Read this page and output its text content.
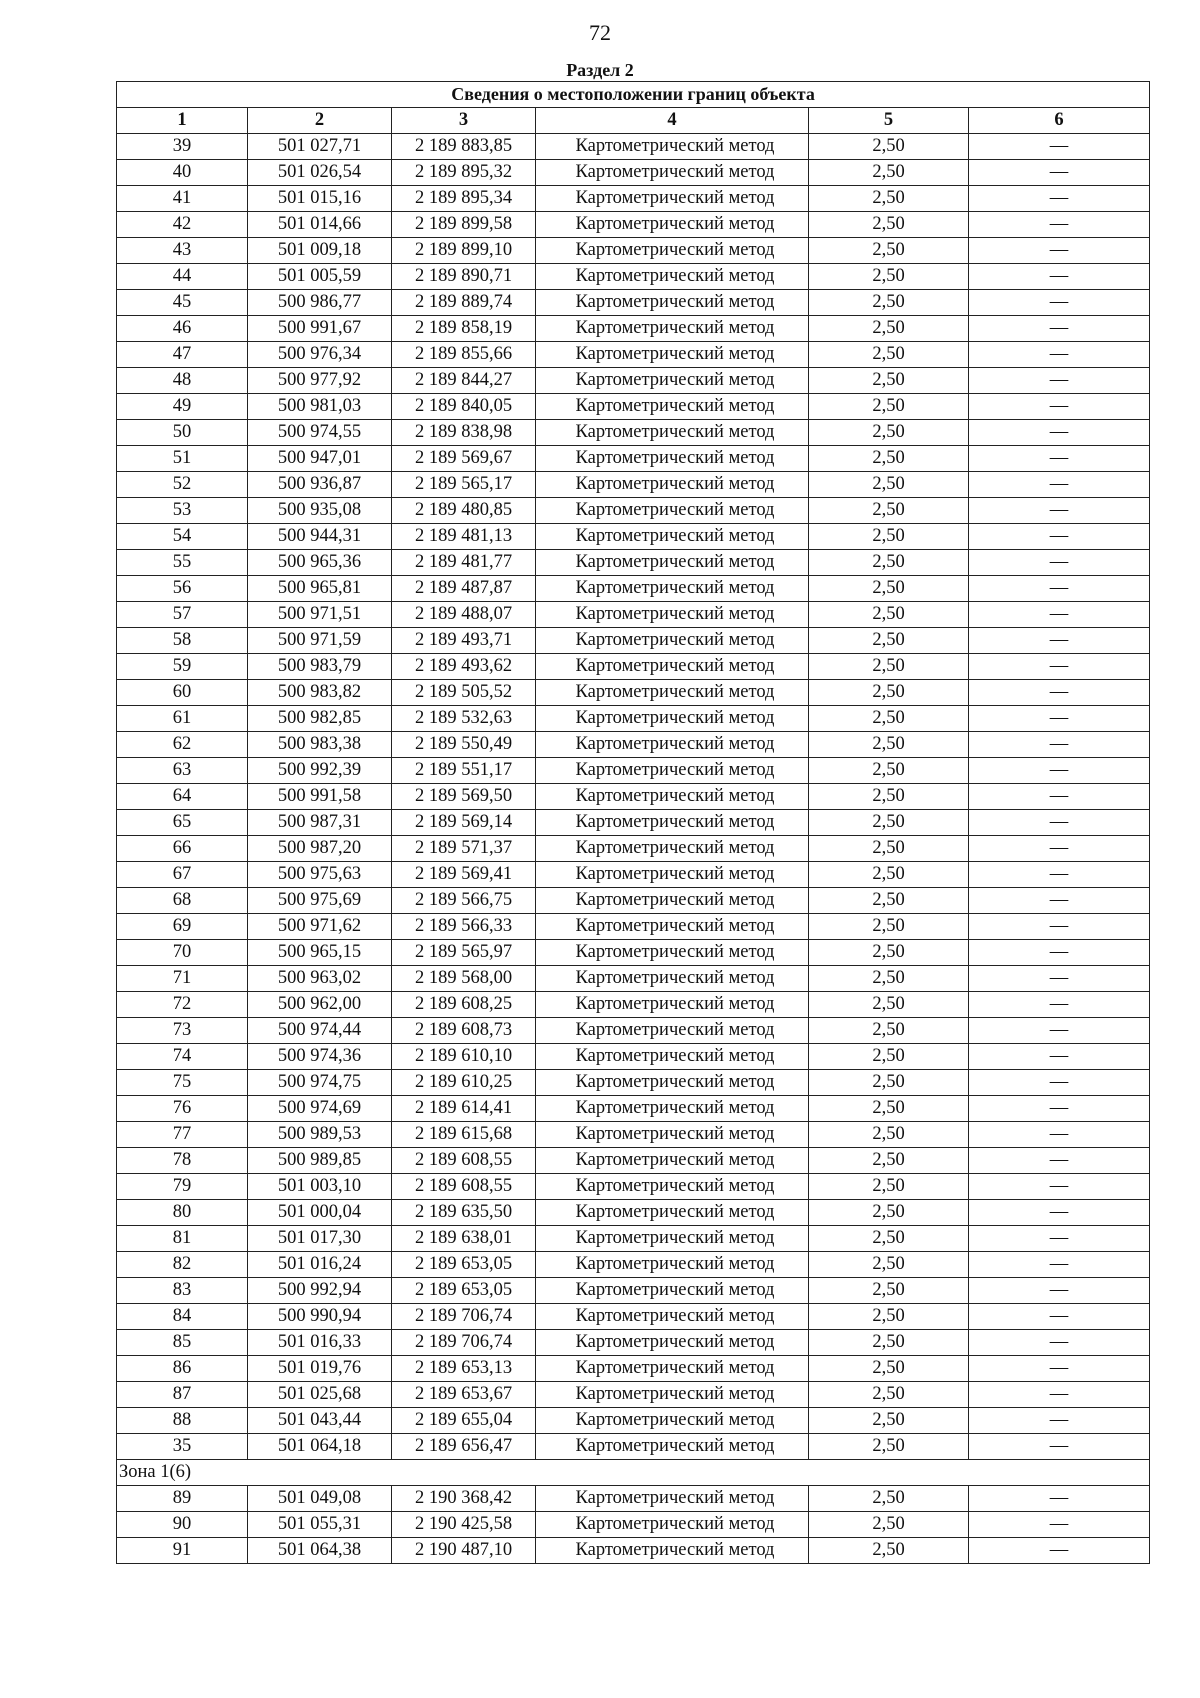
72
Раздел 2
Сведения о местоположении границ объекта					
1	2	3	4	5	6
39	501 027,71	2 189 883,85	Картометрический метод	2,50	—
40	501 026,54	2 189 895,32	Картометрический метод	2,50	—
41	501 015,16	2 189 895,34	Картометрический метод	2,50	—
42	501 014,66	2 189 899,58	Картометрический метод	2,50	—
43	501 009,18	2 189 899,10	Картометрический метод	2,50	—
44	501 005,59	2 189 890,71	Картометрический метод	2,50	—
45	500 986,77	2 189 889,74	Картометрический метод	2,50	—
46	500 991,67	2 189 858,19	Картометрический метод	2,50	—
47	500 976,34	2 189 855,66	Картометрический метод	2,50	—
48	500 977,92	2 189 844,27	Картометрический метод	2,50	—
49	500 981,03	2 189 840,05	Картометрический метод	2,50	—
50	500 974,55	2 189 838,98	Картометрический метод	2,50	—
51	500 947,01	2 189 569,67	Картометрический метод	2,50	—
52	500 936,87	2 189 565,17	Картометрический метод	2,50	—
53	500 935,08	2 189 480,85	Картометрический метод	2,50	—
54	500 944,31	2 189 481,13	Картометрический метод	2,50	—
55	500 965,36	2 189 481,77	Картометрический метод	2,50	—
56	500 965,81	2 189 487,87	Картометрический метод	2,50	—
57	500 971,51	2 189 488,07	Картометрический метод	2,50	—
58	500 971,59	2 189 493,71	Картометрический метод	2,50	—
59	500 983,79	2 189 493,62	Картометрический метод	2,50	—
60	500 983,82	2 189 505,52	Картометрический метод	2,50	—
61	500 982,85	2 189 532,63	Картометрический метод	2,50	—
62	500 983,38	2 189 550,49	Картометрический метод	2,50	—
63	500 992,39	2 189 551,17	Картометрический метод	2,50	—
64	500 991,58	2 189 569,50	Картометрический метод	2,50	—
65	500 987,31	2 189 569,14	Картометрический метод	2,50	—
66	500 987,20	2 189 571,37	Картометрический метод	2,50	—
67	500 975,63	2 189 569,41	Картометрический метод	2,50	—
68	500 975,69	2 189 566,75	Картометрический метод	2,50	—
69	500 971,62	2 189 566,33	Картометрический метод	2,50	—
70	500 965,15	2 189 565,97	Картометрический метод	2,50	—
71	500 963,02	2 189 568,00	Картометрический метод	2,50	—
72	500 962,00	2 189 608,25	Картометрический метод	2,50	—
73	500 974,44	2 189 608,73	Картометрический метод	2,50	—
74	500 974,36	2 189 610,10	Картометрический метод	2,50	—
75	500 974,75	2 189 610,25	Картометрический метод	2,50	—
76	500 974,69	2 189 614,41	Картометрический метод	2,50	—
77	500 989,53	2 189 615,68	Картометрический метод	2,50	—
78	500 989,85	2 189 608,55	Картометрический метод	2,50	—
79	501 003,10	2 189 608,55	Картометрический метод	2,50	—
80	501 000,04	2 189 635,50	Картометрический метод	2,50	—
81	501 017,30	2 189 638,01	Картометрический метод	2,50	—
82	501 016,24	2 189 653,05	Картометрический метод	2,50	—
83	500 992,94	2 189 653,05	Картометрический метод	2,50	—
84	500 990,94	2 189 706,74	Картометрический метод	2,50	—
85	501 016,33	2 189 706,74	Картометрический метод	2,50	—
86	501 019,76	2 189 653,13	Картометрический метод	2,50	—
87	501 025,68	2 189 653,67	Картометрический метод	2,50	—
88	501 043,44	2 189 655,04	Картометрический метод	2,50	—
35	501 064,18	2 189 656,47	Картометрический метод	2,50	—
Зона 1(6)					
89	501 049,08	2 190 368,42	Картометрический метод	2,50	—
90	501 055,31	2 190 425,58	Картометрический метод	2,50	—
91	501 064,38	2 190 487,10	Картометрический метод	2,50	—
